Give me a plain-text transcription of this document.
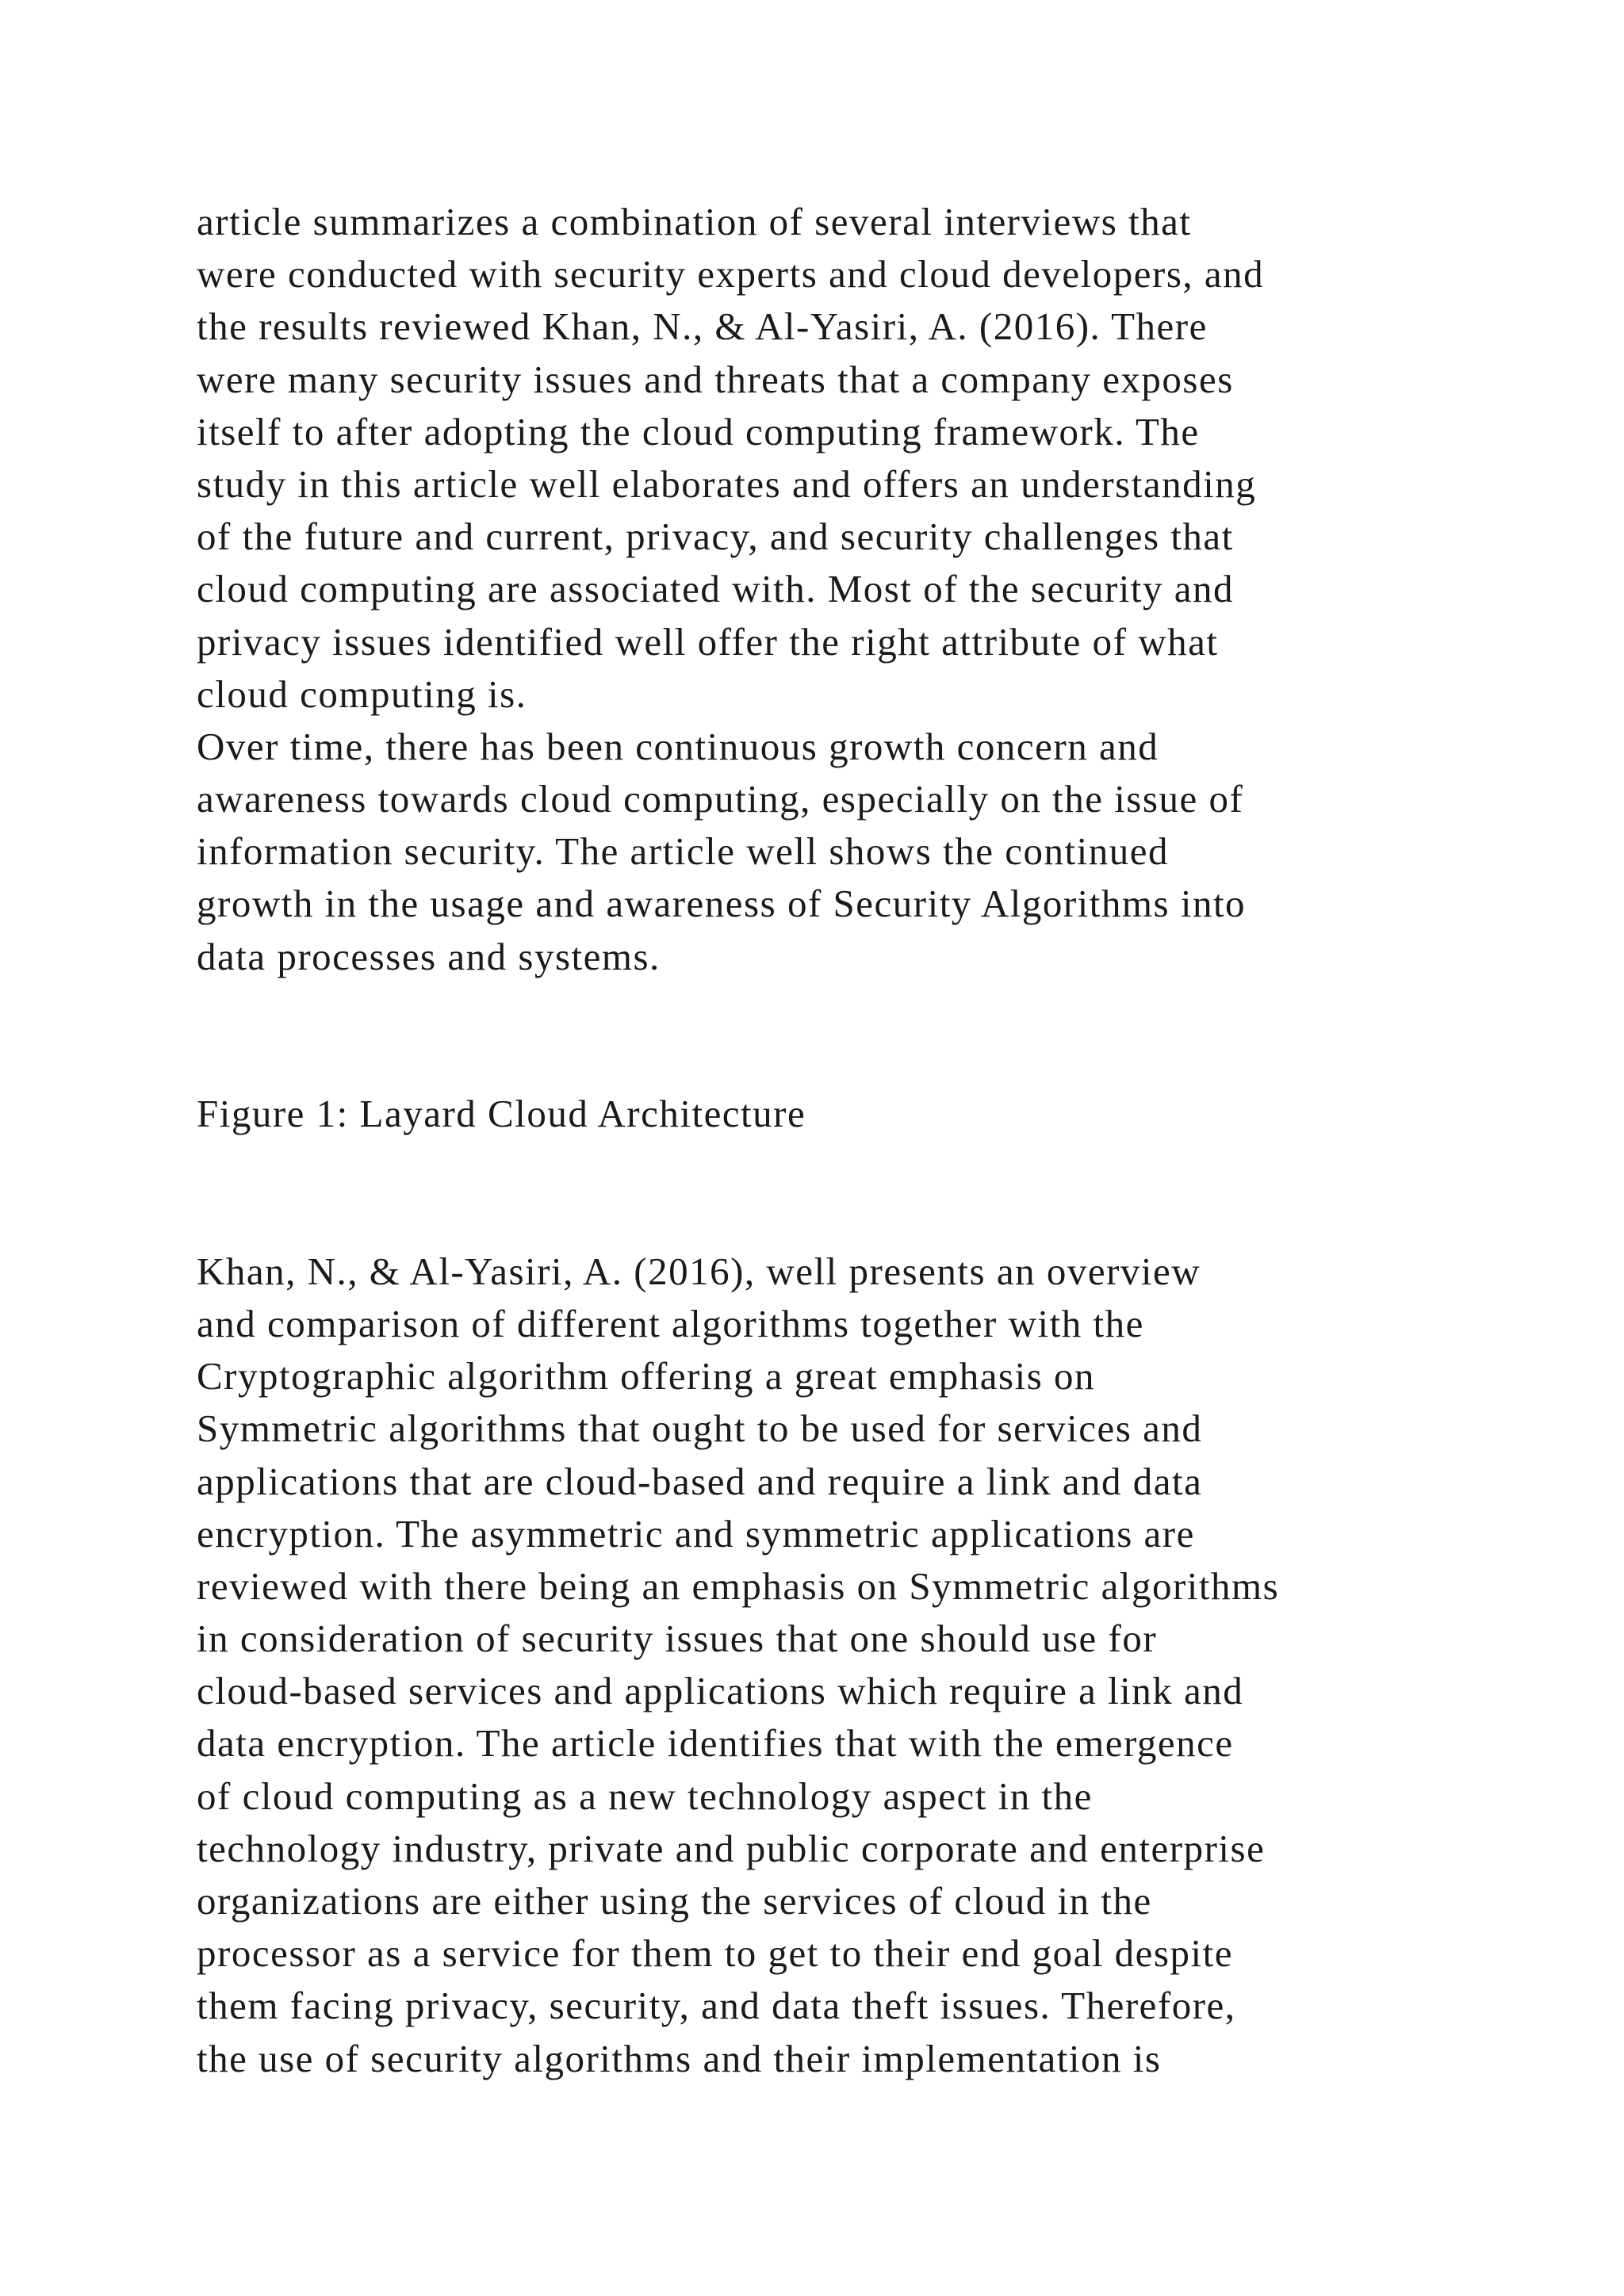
article summarizes a combination of several interviews that
were conducted with security experts and cloud developers, and
the results reviewed Khan, N., & Al-Yasiri, A. (2016). There
were many security issues and threats that a company exposes
itself to after adopting the cloud computing framework. The
study in this article well elaborates and offers an understanding
of the future and current, privacy, and security challenges that
cloud computing are associated with. Most of the security and
privacy issues identified well offer the right attribute of what
cloud computing is.
Over time, there has been continuous growth concern and
awareness towards cloud computing, especially on the issue of
information security. The article well shows the continued
growth in the usage and awareness of Security Algorithms into
data processes and systems.
Figure 1: Layard Cloud Architecture
Khan, N., & Al-Yasiri, A. (2016), well presents an overview
and comparison of different algorithms together with the
Cryptographic algorithm offering a great emphasis on
Symmetric algorithms that ought to be used for services and
applications that are cloud-based and require a link and data
encryption. The asymmetric and symmetric applications are
reviewed with there being an emphasis on Symmetric algorithms
in consideration of security issues that one should use for
cloud-based services and applications which require a link and
data encryption. The article identifies that with the emergence
of cloud computing as a new technology aspect in the
technology industry, private and public corporate and enterprise
organizations are either using the services of cloud in the
processor as a service for them to get to their end goal despite
them facing privacy, security, and data theft issues. Therefore,
the use of security algorithms and their implementation is
